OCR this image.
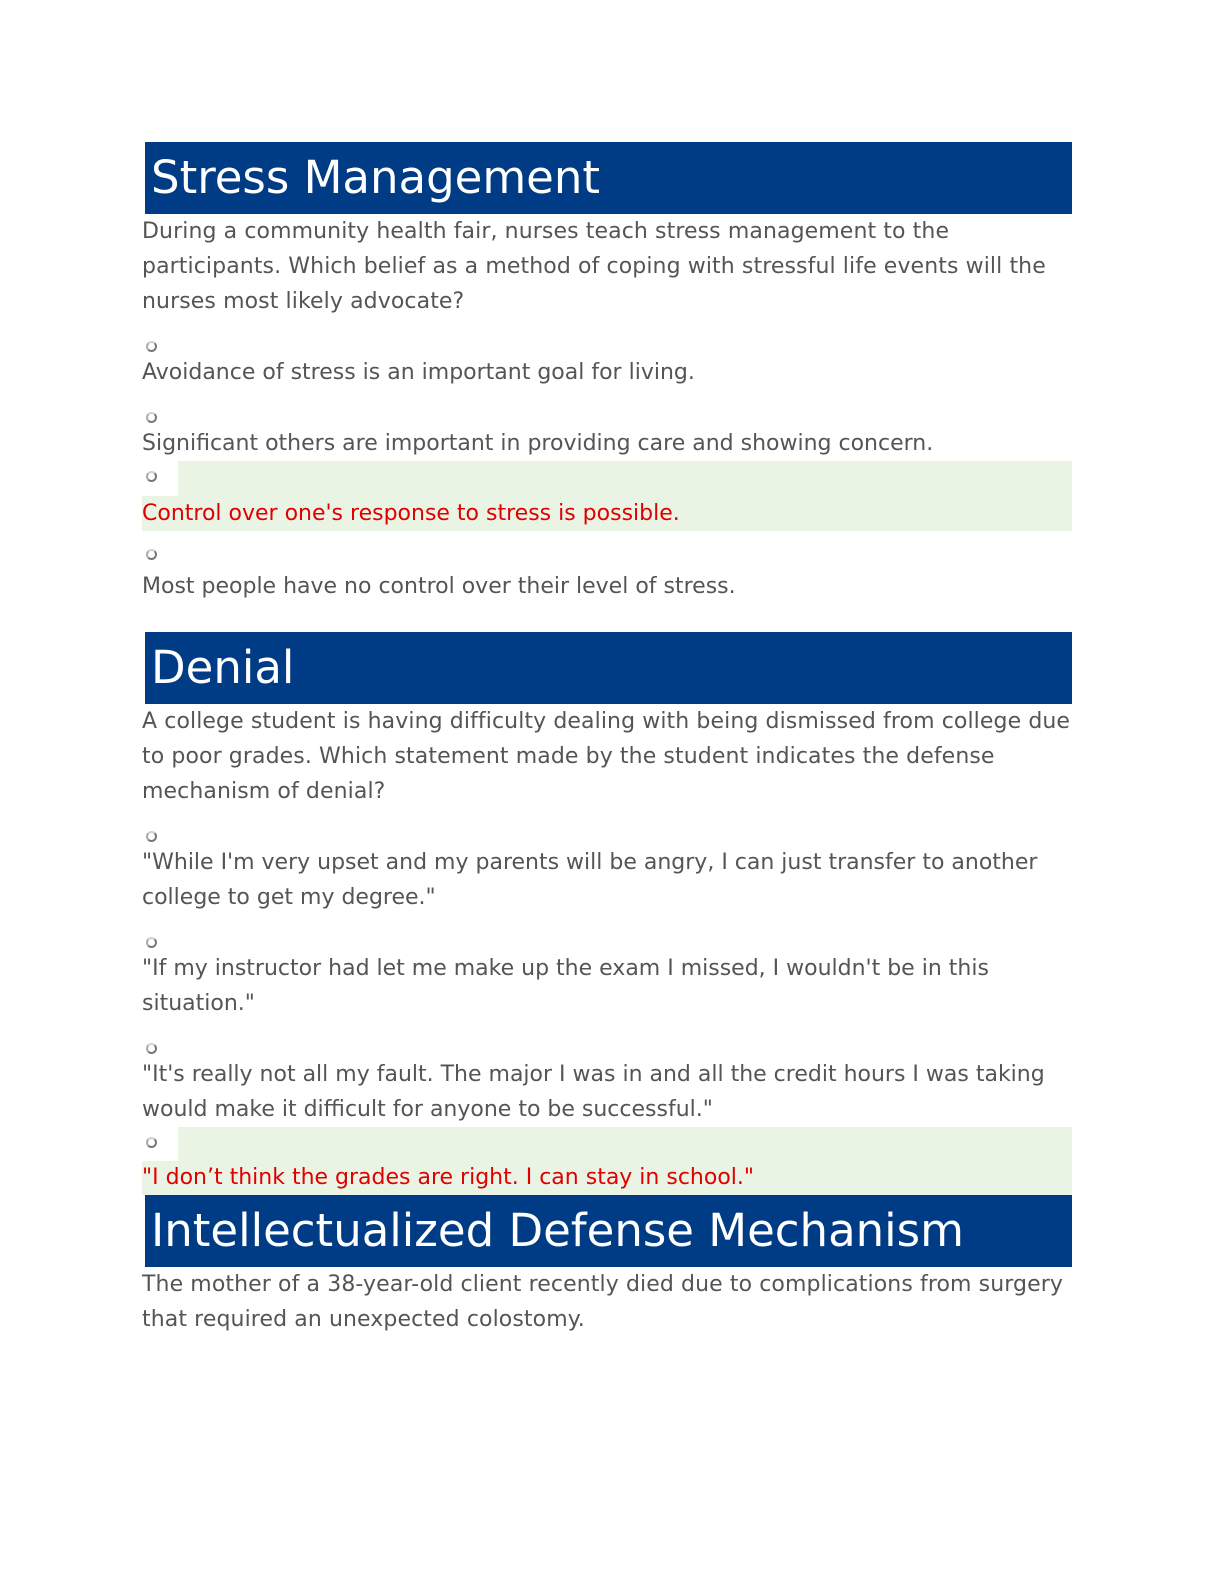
Stress Management

During a community health fair, nurses teach stress management to the participants. Which belief as a method of coping with stressful life events will the nurses most likely advocate?

Avoidance of stress is an important goal for living.

Significant others are important in providing care and showing concern.

Control over one's response to stress is possible.

Most people have no control over their level of stress.

Denial

A college student is having difficulty dealing with being dismissed from college due to poor grades. Which statement made by the student indicates the defense mechanism of denial?

"While I'm very upset and my parents will be angry, I can just transfer to another college to get my degree."

"If my instructor had let me make up the exam I missed, I wouldn't be in this situation."

"It's really not all my fault. The major I was in and all the credit hours I was taking would make it difficult for anyone to be successful."

"I don’t think the grades are right. I can stay in school."

Intellectualized Defense Mechanism

The mother of a 38-year-old client recently died due to complications from surgery that required an unexpected colostomy.
